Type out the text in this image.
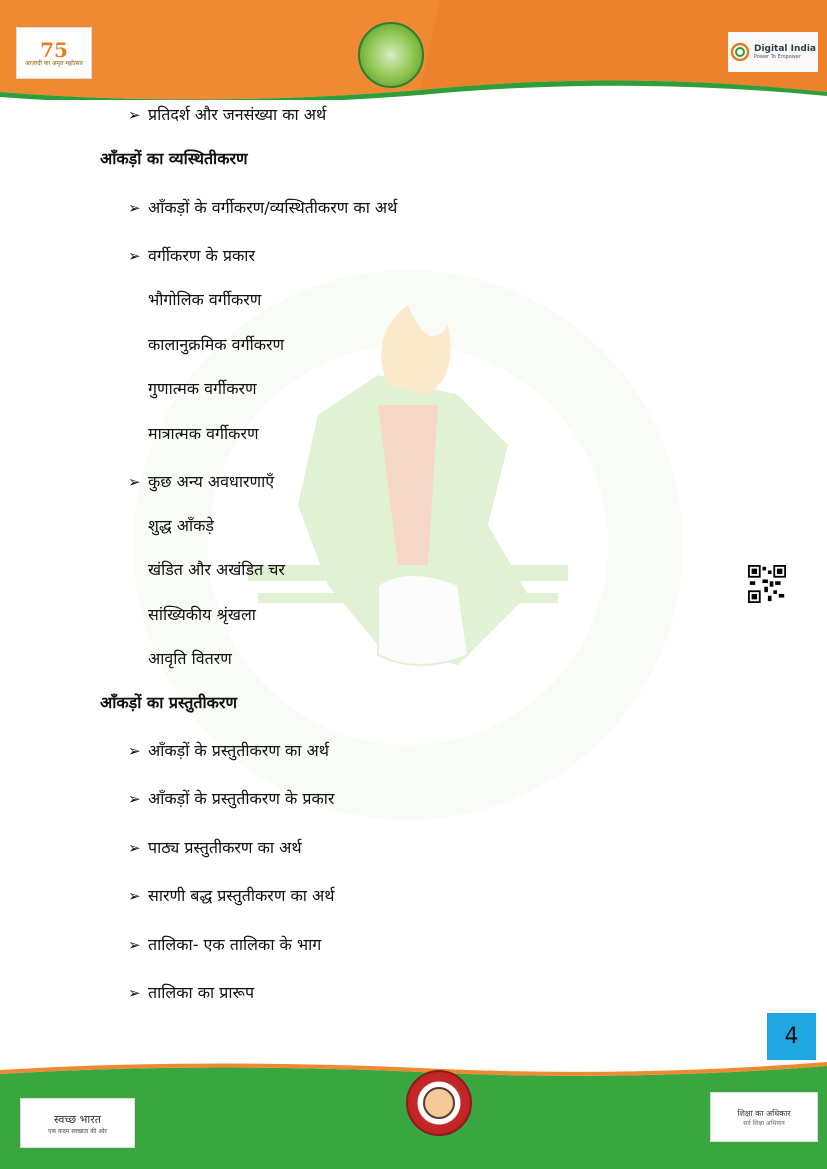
75
आज़ादी का अमृत महोत्सव
Digital India
Power To Empower
➢ प्रतिदर्श और जनसंख्या का अर्थ
आँकड़ों का व्यस्थितीकरण
➢ आँकड़ों के वर्गीकरण/व्यस्थितीकरण का अर्थ
➢ वर्गीकरण के प्रकार
भौगोलिक वर्गीकरण
कालानुक्रमिक वर्गीकरण
गुणात्मक वर्गीकरण
मात्रात्मक वर्गीकरण
➢ कुछ अन्य अवधारणाएँ
शुद्ध आँकड़े
खंडित और अखंडित चर
सांख्यिकीय श्रृंखला
आवृति वितरण
आँकड़ों का प्रस्तुतीकरण
➢ आँकड़ों के प्रस्तुतीकरण का अर्थ
➢ आँकड़ों के प्रस्तुतीकरण के प्रकार
➢ पाठ्य प्रस्तुतीकरण का अर्थ
➢ सारणी बद्ध प्रस्तुतीकरण का अर्थ
➢ तालिका- एक तालिका के भाग
➢ तालिका का प्रारूप
4
स्वच्छ भारत
एक कदम स्वच्छता की ओर
शिक्षा का अधिकार
सर्व शिक्षा अभियान
